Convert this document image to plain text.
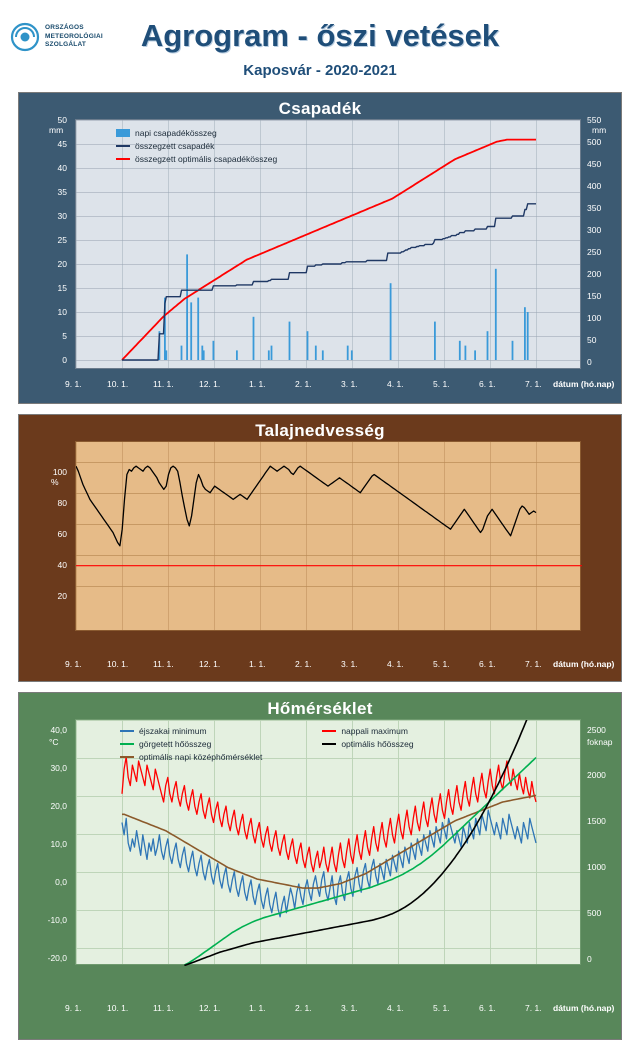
ORSZÁGOS
METEOROLÓGIAI
SZOLGÁLAT	Agrogram - őszi vetések
Kaposvár - 2020-2021
Csapadék
mm	mm
50
45
40
35
30
25
20
15
10
5
0
550
500
450
400
350
300
250
200
150
100
50
0
napi csapadékösszeg
összegzett csapadék
összegzett optimális csapadékösszeg
9. 1.	10. 1.	11. 1.	12. 1.	1. 1.	2. 1.	3. 1.	4. 1.	5. 1.	6. 1.	7. 1. dátum (hó.nap)
Talajnedvesség
%
100
80
60
40
20
9. 1.	10. 1.	11. 1.	12. 1.	1. 1.	2. 1.	3. 1.	4. 1.	5. 1.	6. 1.	7. 1. dátum (hó.nap)
Hőmérséklet
°C	foknap
40,0
30,0
20,0
10,0
0,0
-10,0
-20,0
2500
2000
1500
1000
500
0
éjszakai minimum
görgetett hőösszeg
optimális napi középhőmérséklet
nappali maximum
optimális hőösszeg
9. 1.	10. 1.	11. 1.	12. 1.	1. 1.	2. 1.	3. 1.	4. 1.	5. 1.	6. 1.	7. 1. dátum (hó.nap)
